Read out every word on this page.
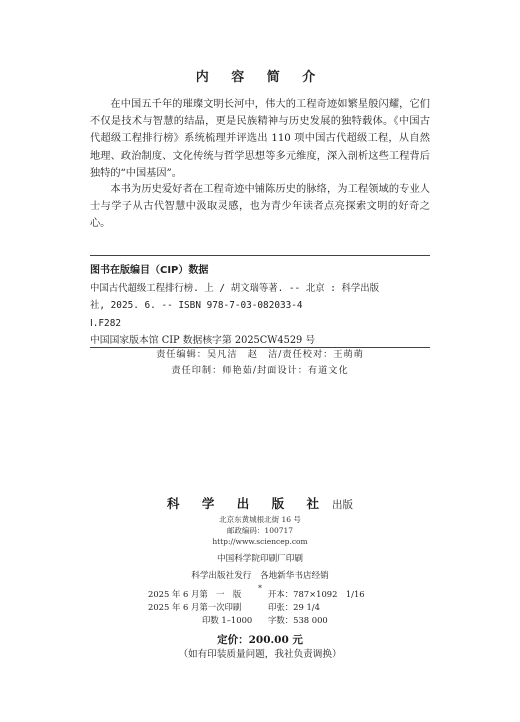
内 容 简 介

在中国五千年的璀璨文明长河中，伟大的工程奇迹如繁星般闪耀，它们不仅是技术与智慧的结晶，更是民族精神与历史发展的独特载体。《中国古代超级工程排行榜》系统梳理并评选出 110 项中国古代超级工程，从自然地理、政治制度、文化传统与哲学思想等多元维度，深入剖析这些工程背后独特的“中国基因”。

本书为历史爱好者在工程奇迹中铺陈历史的脉络，为工程领域的专业人士与学子从古代智慧中汲取灵感，也为青少年读者点亮探索文明的好奇之心。

图书在版编目（CIP）数据
中国古代超级工程排行榜. 上 / 胡文瑞等著. -- 北京 : 科学出版
社, 2025. 6. -- ISBN 978-7-03-082033-4
Ⅰ.F282
中国国家版本馆 CIP 数据核字第 2025CW4529 号
责任编辑：吴凡洁　赵　洁/责任校对：王萌萌
责任印制：师艳茹/封面设计：有道文化
科 学 出 版 社 出版
北京东黄城根北街 16 号
邮政编码：100717
http://www.sciencep.com
中国科学院印刷厂印刷
科学出版社发行　各地新华书店经销
*
2025 年 6 月第　一　版	开本：787×1092　1/16
2025 年 6 月第一次印刷	印张：29 1/4
印数 1–1000 字数：538 000
定价：200.00 元
（如有印装质量问题，我社负责调换）
